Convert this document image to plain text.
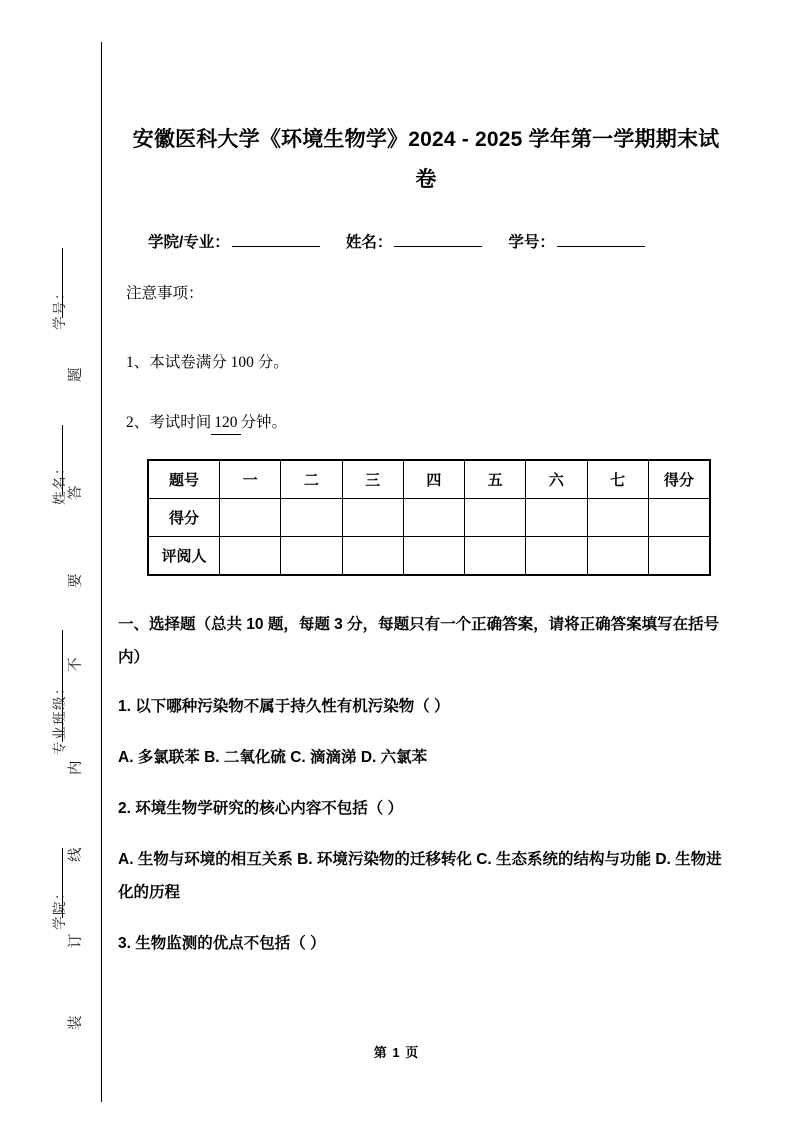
学号：
姓名：
专业班级：
学院：
题
答
要
不
内
线
订
装
安徽医科大学《环境生物学》2024 - 2025 学年第一学期期末试卷
学院/专业：	姓名：	学号：
注意事项：
1、本试卷满分 100 分。
2、考试时间 120 分钟。
题号	一	二	三	四	五	六	七	得分
得分								
评阅人								
一、选择题（总共 10 题，每题 3 分，每题只有一个正确答案，请将正确答案填写在括号内）
1. 以下哪种污染物不属于持久性有机污染物（ ）
A. 多氯联苯 B. 二氧化硫 C. 滴滴涕 D. 六氯苯
2. 环境生物学研究的核心内容不包括（ ）
A. 生物与环境的相互关系 B. 环境污染物的迁移转化 C. 生态系统的结构与功能 D. 生物进化的历程
3. 生物监测的优点不包括（ ）
第 1 页
